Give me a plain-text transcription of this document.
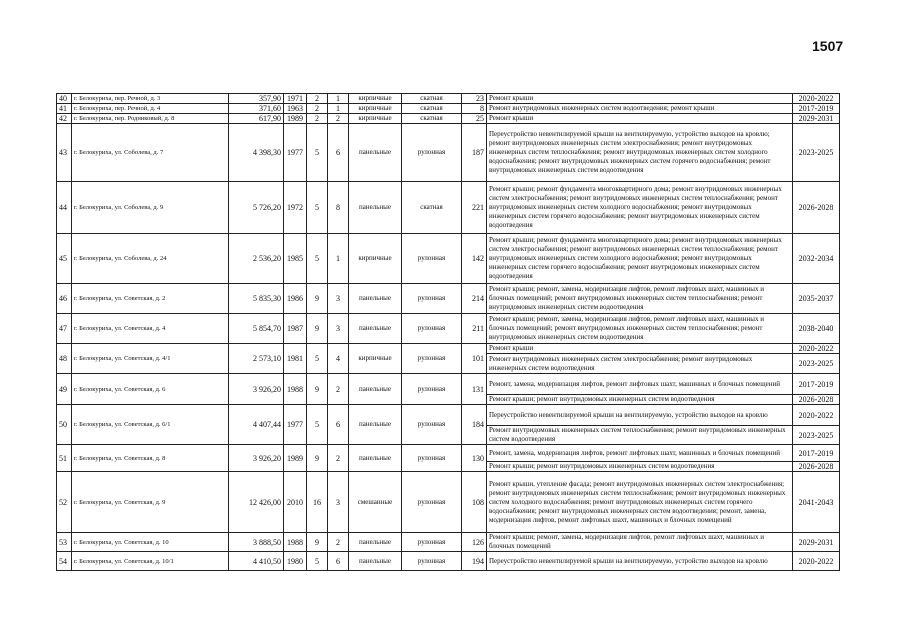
1507
40	г. Белокуриха, пер. Речной, д. 3	357,90	1971	2	1	кирпичные	скатная	23	Ремонт крыши	2020-2022
41	г. Белокуриха, пер. Речной, д. 4	371,60	1963	2	1	кирпичные	скатная	8	Ремонт внутридомовых инженерных систем водоотведения; ремонт крыши	2017-2019
42	г. Белокуриха, пер. Родниковый, д. 8	617,90	1989	2	2	кирпичные	скатная	25	Ремонт крыши	2029-2031
43	г. Белокуриха, ул. Соболева, д. 7	4 398,30	1977	5	6	панельные	рулонная	187	Переустройство невентилируемой крыши на вентилируемую, устройство выходов на кровлю; ремонт внутридомовых инженерных систем электроснабжения; ремонт внутридомовых инженерных систем теплоснабжения; ремонт внутридомовых инженерных систем холодного водоснабжения; ремонт внутридомовых инженерных систем горячего водоснабжения; ремонт внутридомовых инженерных систем водоотведения	2023-2025
44	г. Белокуриха, ул. Соболева, д. 9	5 726,20	1972	5	8	панельные	скатная	221	Ремонт крыши; ремонт фундамента многоквартирного дома; ремонт внутридомовых инженерных систем электроснабжения; ремонт внутридомовых инженерных систем теплоснабжения; ремонт внутридомовых инженерных систем холодного водоснабжения; ремонт внутридомовых инженерных систем горячего водоснабжения; ремонт внутридомовых инженерных систем водоотведения	2026-2028
45	г. Белокуриха, ул. Соболева, д. 24	2 536,20	1985	5	1	кирпичные	рулонная	142	Ремонт крыши; ремонт фундамента многоквартирного дома; ремонт внутридомовых инженерных систем электроснабжения; ремонт внутридомовых инженерных систем теплоснабжения; ремонт внутридомовых инженерных систем холодного водоснабжения; ремонт внутридомовых инженерных систем горячего водоснабжения; ремонт внутридомовых инженерных систем водоотведения	2032-2034
46	г. Белокуриха, ул. Советская, д. 2	5 835,30	1986	9	3	панельные	рулонная	214	Ремонт крыши; ремонт, замена, модернизация лифтов, ремонт лифтовых шахт, машинных и блочных помещений; ремонт внутридомовых инженерных систем теплоснабжения; ремонт внутридомовых инженерных систем водоотведения	2035-2037
47	г. Белокуриха, ул. Советская, д. 4	5 854,70	1987	9	3	панельные	рулонная	211	Ремонт крыши; ремонт, замена, модернизация лифтов, ремонт лифтовых шахт, машинных и блочных помещений; ремонт внутридомовых инженерных систем теплоснабжения; ремонт внутридомовых инженерных систем водоотведения	2038-2040
48	г. Белокуриха, ул. Советская, д. 4/1	2 573,10	1981	5	4	кирпичные	рулонная	101	Ремонт крыши	2020-2022
									Ремонт внутридомовых инженерных систем электроснабжения; ремонт внутридомовых инженерных систем водоотведения	2023-2025
49	г. Белокуриха, ул. Советская, д. 6	3 926,20	1988	9	2	панельные	рулонная	131	Ремонт, замена, модернизация лифтов, ремонт лифтовых шахт, машинных и блочных помещений	2017-2019
									Ремонт крыши; ремонт внутридомовых инженерных систем водоотведения	2026-2028
50	г. Белокуриха, ул. Советская, д. 6/1	4 407,44	1977	5	6	панельные	рулонная	184	Переустройство невентилируемой крыши на вентилируемую, устройство выходов на кровлю	2020-2022
									Ремонт внутридомовых инженерных систем теплоснабжения; ремонт внутридомовых инженерных систем водоотведения	2023-2025
51	г. Белокуриха, ул. Советская, д. 8	3 926,20	1989	9	2	панельные	рулонная	130	Ремонт, замена, модернизация лифтов, ремонт лифтовых шахт, машинных и блочных помещений	2017-2019
									Ремонт крыши; ремонт внутридомовых инженерных систем водоотведения	2026-2028
52	г. Белокуриха, ул. Советская, д. 9	12 426,00	2010	16	3	смешанные	рулонная	108	Ремонт крыши, утепление фасада; ремонт внутридомовых инженерных систем электроснабжения; ремонт внутридомовых инженерных систем теплоснабжения; ремонт внутридомовых инженерных систем холодного водоснабжения; ремонт внутридомовых инженерных систем горячего водоснабжения; ремонт внутридомовых инженерных систем водоотведения; ремонт, замена, модернизация лифтов, ремонт лифтовых шахт, машинных и блочных помещений	2041-2043
53	г. Белокуриха, ул. Советская, д. 10	3 888,50	1988	9	2	панельные	рулонная	126	Ремонт крыши; ремонт, замена, модернизация лифтов, ремонт лифтовых шахт, машинных и блочных помещений	2029-2031
54	г. Белокуриха, ул. Советская, д. 10/1	4 410,50	1980	5	6	панельные	рулонная	194	Переустройство невентилируемой крыши на вентилируемую, устройство выходов на кровлю	2020-2022
